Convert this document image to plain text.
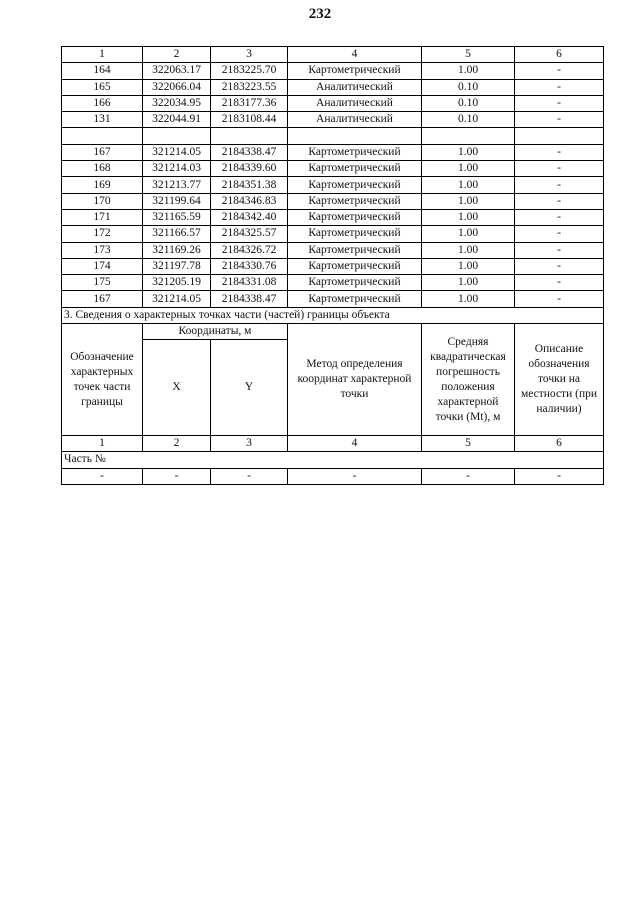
232
1	2	3	4	5	6
164	322063.17	2183225.70	Картометрический	1.00	-
165	322066.04	2183223.55	Аналитический	0.10	-
166	322034.95	2183177.36	Аналитический	0.10	-
131	322044.91	2183108.44	Аналитический	0.10	-

167	321214.05	2184338.47	Картометрический	1.00	-
168	321214.03	2184339.60	Картометрический	1.00	-
169	321213.77	2184351.38	Картометрический	1.00	-
170	321199.64	2184346.83	Картометрический	1.00	-
171	321165.59	2184342.40	Картометрический	1.00	-
172	321166.57	2184325.57	Картометрический	1.00	-
173	321169.26	2184326.72	Картометрический	1.00	-
174	321197.78	2184330.76	Картометрический	1.00	-
175	321205.19	2184331.08	Картометрический	1.00	-
167	321214.05	2184338.47	Картометрический	1.00	-
3. Сведения о характерных точках части (частей) границы объекта					
Обозначение характерных точек части границы	Координаты, м		Метод определения координат характерной точки	Средняя квадратическая погрешность положения характерной точки (Mt), м	Описание обозначения точки на местности (при наличии)
	X	Y			
1	2	3	4	5	6
Часть №					
-	-	-	-	-	-
